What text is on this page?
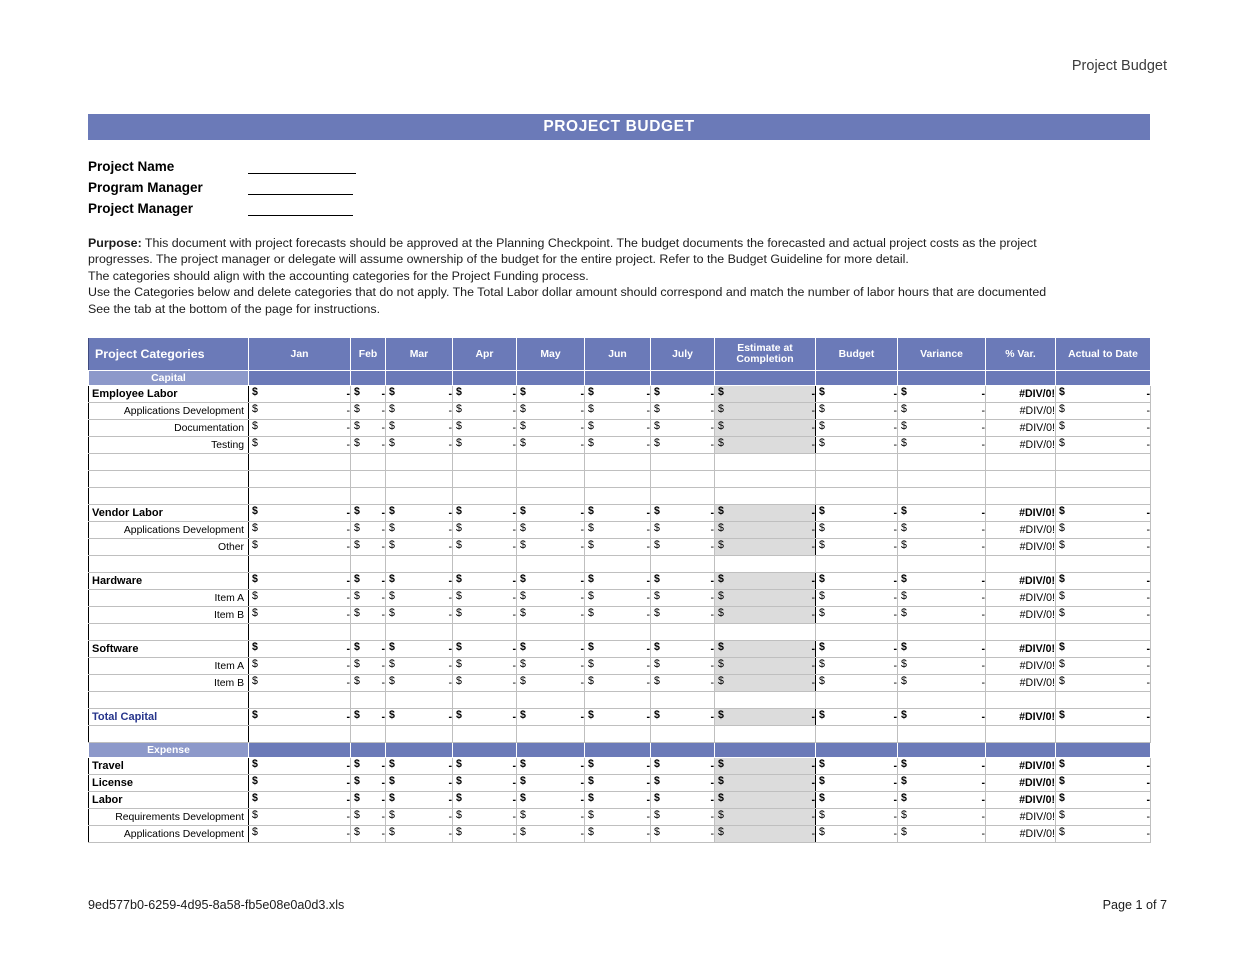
Project Budget
PROJECT BUDGET
Project Name
Program Manager
Project Manager
Purpose: This document with project forecasts should be approved at the Planning Checkpoint. The budget documents the forecasted and actual project costs as the project
progresses. The project manager or delegate will assume ownership of the budget for the entire project. Refer to the Budget Guideline for more detail.
The categories should align with the accounting categories for the Project Funding process.
Use the Categories below and delete categories that do not apply. The Total Labor dollar amount should correspond and match the number of labor hours that are documented
See the tab at the bottom of the page for instructions.
Project Categories	Jan	Feb	Mar	Apr	May	Jun	July	Estimate at Completion	Budget	Variance	% Var.	Actual to Date
Capital												
Employee Labor	$ -	$ -	$ -	$ -	$ -	$ -	$ -	$ -	$ -	$ -	#DIV/0!	$ -
Applications Development	$ -	$ -	$ -	$ -	$ -	$ -	$ -	$ -	$ -	$ -	#DIV/0!	$ -
Documentation	$ -	$ -	$ -	$ -	$ -	$ -	$ -	$ -	$ -	$ -	#DIV/0!	$ -
Testing	$ -	$ -	$ -	$ -	$ -	$ -	$ -	$ -	$ -	$ -	#DIV/0!	$ -

Vendor Labor	$ -	$ -	$ -	$ -	$ -	$ -	$ -	$ -	$ -	$ -	#DIV/0!	$ -
Applications Development	$ -	$ -	$ -	$ -	$ -	$ -	$ -	$ -	$ -	$ -	#DIV/0!	$ -
Other	$ -	$ -	$ -	$ -	$ -	$ -	$ -	$ -	$ -	$ -	#DIV/0!	$ -

Hardware	$ -	$ -	$ -	$ -	$ -	$ -	$ -	$ -	$ -	$ -	#DIV/0!	$ -
Item A	$ -	$ -	$ -	$ -	$ -	$ -	$ -	$ -	$ -	$ -	#DIV/0!	$ -
Item B	$ -	$ -	$ -	$ -	$ -	$ -	$ -	$ -	$ -	$ -	#DIV/0!	$ -

Software	$ -	$ -	$ -	$ -	$ -	$ -	$ -	$ -	$ -	$ -	#DIV/0!	$ -
Item A	$ -	$ -	$ -	$ -	$ -	$ -	$ -	$ -	$ -	$ -	#DIV/0!	$ -
Item B	$ -	$ -	$ -	$ -	$ -	$ -	$ -	$ -	$ -	$ -	#DIV/0!	$ -

Total Capital	$ -	$ -	$ -	$ -	$ -	$ -	$ -	$ -	$ -	$ -	#DIV/0!	$ -

Expense												
Travel	$ -	$ -	$ -	$ -	$ -	$ -	$ -	$ -	$ -	$ -	#DIV/0!	$ -
License	$ -	$ -	$ -	$ -	$ -	$ -	$ -	$ -	$ -	$ -	#DIV/0!	$ -
Labor	$ -	$ -	$ -	$ -	$ -	$ -	$ -	$ -	$ -	$ -	#DIV/0!	$ -
Requirements Development	$ -	$ -	$ -	$ -	$ -	$ -	$ -	$ -	$ -	$ -	#DIV/0!	$ -
Applications Development	$ -	$ -	$ -	$ -	$ -	$ -	$ -	$ -	$ -	$ -	#DIV/0!	$ -
9ed577b0-6259-4d95-8a58-fb5e08e0a0d3.xls	Page 1 of 7
